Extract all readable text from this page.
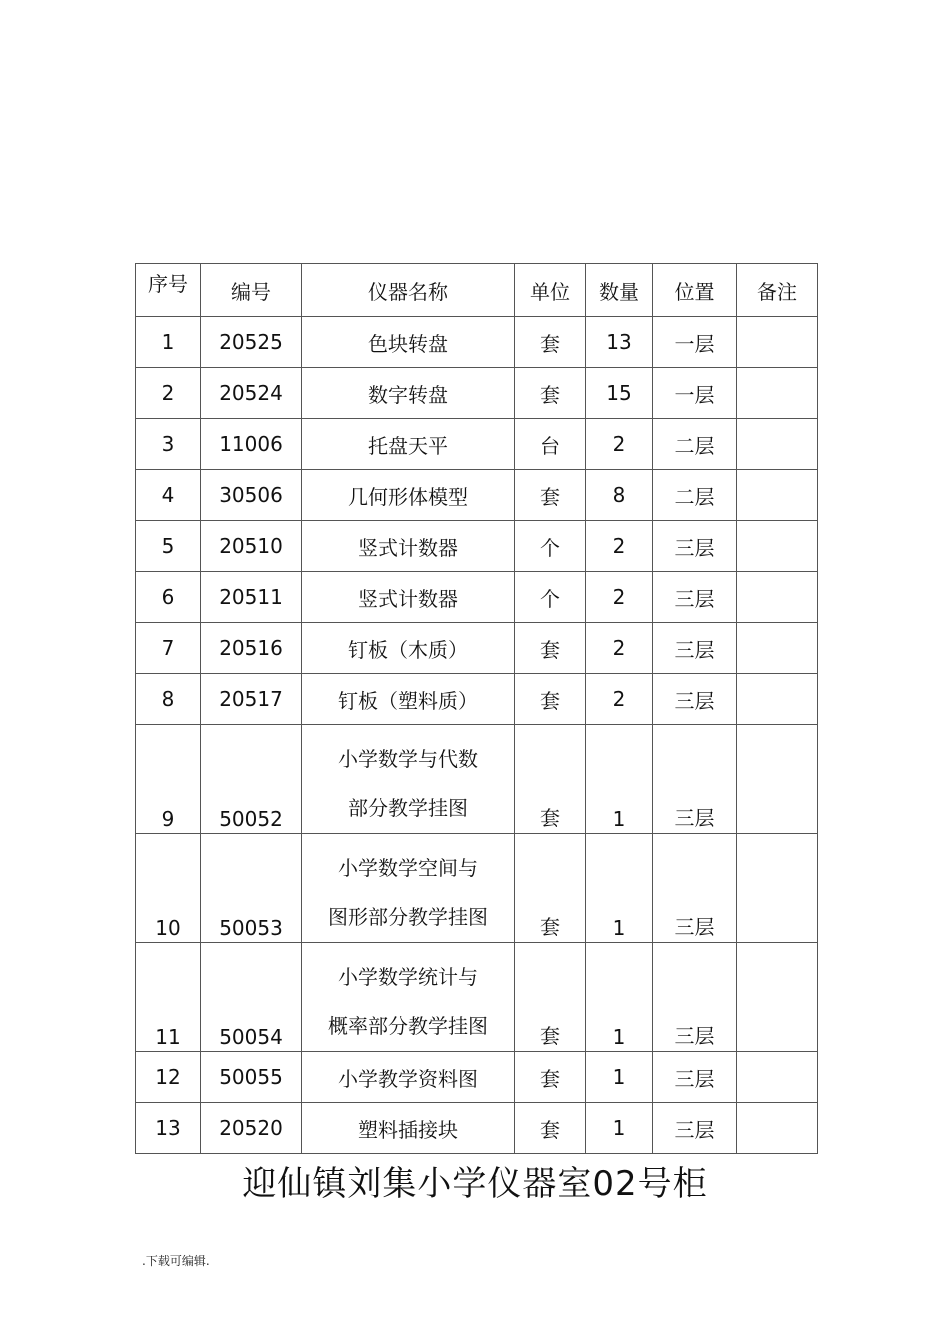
序号	编号	仪器名称	单位	数量	位置	备注
1	20525	色块转盘	套	13	一层	
2	20524	数字转盘	套	15	一层	
3	11006	托盘天平	台	2	二层	
4	30506	几何形体模型	套	8	二层	
5	20510	竖式计数器	个	2	三层	
6	20511	竖式计数器	个	2	三层	
7	20516	钉板（木质）	套	2	三层	
8	20517	钉板（塑料质）	套	2	三层	
9	50052	小学数学与代数
部分教学挂图	套	1	三层	
10	50053	小学数学空间与
图形部分教学挂图	套	1	三层	
11	50054	小学数学统计与
概率部分教学挂图	套	1	三层	
12	50055	小学教学资料图	套	1	三层	
13	20520	塑料插接块	套	1	三层	
迎仙镇刘集小学仪器室02号柜
.下载可编辑.
